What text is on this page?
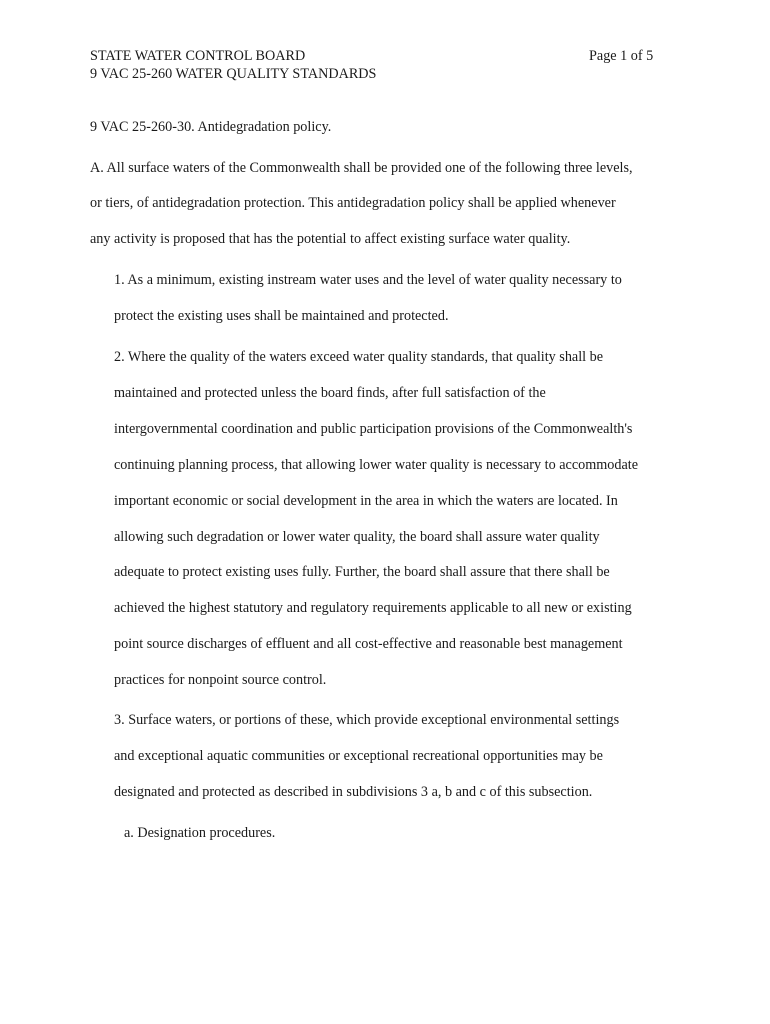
STATE WATER CONTROL BOARD
9 VAC 25-260 WATER QUALITY STANDARDS
Page 1 of 5
9 VAC 25-260-30. Antidegradation policy.
A. All surface waters of the Commonwealth shall be provided one of the following three levels,
or tiers, of antidegradation protection. This antidegradation policy shall be applied whenever
any activity is proposed that has the potential to affect existing surface water quality.
1. As a minimum, existing instream water uses and the level of water quality necessary to
protect the existing uses shall be maintained and protected.
2. Where the quality of the waters exceed water quality standards, that quality shall be
maintained and protected unless the board finds, after full satisfaction of the
intergovernmental coordination and public participation provisions of the Commonwealth's
continuing planning process, that allowing lower water quality is necessary to accommodate
important economic or social development in the area in which the waters are located. In
allowing such degradation or lower water quality, the board shall assure water quality
adequate to protect existing uses fully. Further, the board shall assure that there shall be
achieved the highest statutory and regulatory requirements applicable to all new or existing
point source discharges of effluent and all cost-effective and reasonable best management
practices for nonpoint source control.
3. Surface waters, or portions of these, which provide exceptional environmental settings
and exceptional aquatic communities or exceptional recreational opportunities may be
designated and protected as described in subdivisions 3 a, b and c of this subsection.
a. Designation procedures.
